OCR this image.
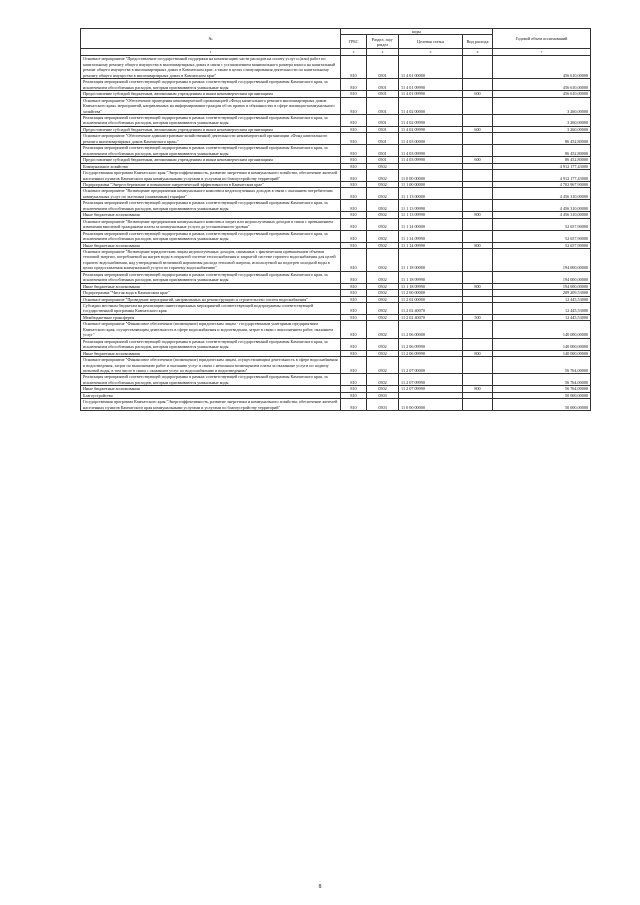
№	коды				Годовой объем ассигнований
	ГРБС	Раздел, под-раздел	Целевая статья	Вид расхода	
1	3	4	5	6	7
Основное мероприятие "Предоставление государственной поддержки на компенсацию части расходов на оплату услуг и (или) работ по капитальному ремонту общего имущества в многоквартирных домах в связи с установлением минимального размера взноса на капитальный ремонт общего имущества в многоквартирных домах в Камчатском крае, а также в целях стимулирования деятельности по капитальному ремонту общего имущества в многоквартирных домах в Камчатском крае"	810	0501	11 4 01 00000		456 610,00000
Реализация мероприятий соответствующей подпрограммы в рамках соответствующей государственной программы Камчатского края, за исключением обособленных расходов, которым присваиваются уникальные коды	810	0501	11 4 01 09990		456 610,00000
Предоставление субсидий бюджетным, автономным учреждениям и иным некоммерческим организациям	810	0501	11 4 01 09990	600	456 610,00000
Основное мероприятие "Обеспечение проведения некоммерческой организацией «Фонд капитального ремонта многоквартирных домов Камчатского края» мероприятий, направленных на информирование граждан об их правах и обязанностях в сфере жилищно-коммунального хозяйства"	810	0501	11 4 02 00000		3 260,00000
Реализация мероприятий соответствующей подпрограммы в рамках соответствующей государственной программы Камчатского края, за исключением обособленных расходов, которым присваиваются уникальные коды	810	0501	11 4 02 09990		3 260,00000
Предоставление субсидий бюджетным, автономным учреждениям и иным некоммерческим организациям	810	0501	11 4 02 09990	600	3 260,00000
Основное мероприятие "Обеспечение административно-хозяйственной деятельности некоммерческой организации «Фонд капитального ремонта многоквартирных домов Камчатского края»"	810	0501	11 4 03 00000		86 452,80000
Реализация мероприятий соответствующей подпрограммы в рамках соответствующей государственной программы Камчатского края, за исключением обособленных расходов, которым присваиваются уникальные коды	810	0501	11 4 03 09990		86 452,80000
Предоставление субсидий бюджетным, автономным учреждениям и иным некоммерческим организациям	810	0501	11 4 03 09990	600	86 452,80000
Коммунальное хозяйство	810	0502			4 912 177,43000
Государственная программа Камчатского края "Энергоэффективность, развитие энергетики и коммунального хозяйства, обеспечение жителей населенных пунктов Камчатского края коммунальными услугами и услугами по благоустройству территорий"	810	0502	11 0 00 00000		4 912 177,43000
Подпрограмма "Энергосбережение и повышение энергетической эффективности в Камчатском крае"	810	0502	11 1 00 00000		4 702 967,90000
Основное мероприятие "Возмещение предприятиям коммунального комплекса недополученных доходов в связи с оказанием потребителям коммунальных услуг по льготным (сниженным) тарифам"	810	0502	11 1 13 00000		4 456 310,00000
Реализация мероприятий соответствующей подпрограммы в рамках соответствующей государственной программы Камчатского края, за исключением обособленных расходов, которым присваиваются уникальные коды	810	0502	11 1 13 09990		4 456 310,00000
Иные бюджетные ассигнования	810	0502	11 1 13 09990	800	4 456 310,00000
Основное мероприятие "Возмещение предприятиям коммунального комплекса затрат или недополученных доходов в связи с превышением изменения вносимой гражданами платы за коммунальные услуги до установленного уровня"	810	0502	11 1 14 00000		52 657,90000
Реализация мероприятий соответствующей подпрограммы в рамках соответствующей государственной программы Камчатского края, за исключением обособленных расходов, которым присваиваются уникальные коды	810	0502	11 1 14 09990		52 657,90000
Иные бюджетные ассигнования	810	0502	11 1 14 09990	800	52 657,90000
Основное мероприятие "Возмещение юридическим лицам недополученных доходов, связанных с фактическим превышением объемов тепловой энергии, потребляемой на нагрев воды в открытой системе теплоснабжения и закрытой системе горячего водоснабжения для целей горячего водоснабжения, над утвержденной величиной нормативы расхода тепловой энергии, используемой на подогрев холодной воды в целях предоставления коммунальной услуги по горячему водоснабжению"	810	0502	11 1 18 00000		194 000,00000
Реализация мероприятий соответствующей подпрограммы в рамках соответствующей государственной программы Камчатского края, за исключением обособленных расходов, которым присваиваются уникальные коды	810	0502	11 1 18 09990		194 000,00000
Иные бюджетные ассигнования	810	0502	11 1 18 09990	800	194 000,00000
Подпрограмма "Чистая вода в Камчатском крае"	810	0502	11 2 00 00000		209 209,53000
Основное мероприятие "Проведение мероприятий, направленных на реконструкцию и строительство систем водоснабжения"	810	0502	11 2 02 00000		12 445,53000
Субсидии местным бюджетам на реализацию инвестиционных мероприятий соответствующей подпрограммы соответствующей государственной программы Камчатского края	810	0502	11 2 02 40070		12 445,53000
Межбюджетные трансферты	810	0502	11 2 02 40070	500	12 445,53000
Основное мероприятие "Финансовое обеспечение (возмещение) юридическим лицам - государственным унитарным предприятиям Камчатского края, осуществляющим деятельность в сфере водоснабжения и водоотведения, затрат в связи с выполнением работ, оказанием услуг"	810	0502	11 2 06 00000		140 000,00000
Реализация мероприятий соответствующей подпрограммы в рамках соответствующей государственной программы Камчатского края, за исключением обособленных расходов, которым присваиваются уникальные коды	810	0502	11 2 06 09990		140 000,00000
Иные бюджетные ассигнования	810	0502	11 2 06 09990	800	140 000,00000
Основное мероприятие "Финансовое обеспечение (возмещение) юридическим лицам, осуществляющим деятельность в сфере водоснабжения и водоотведения, затрат по выполнению работ и оказанию услуг в связи с неполным возмещением платы за оказанные услуги по подвозу питьевой воды, в том числе в связи с оказанием услуг по водоснабжению и водоотведению"	810	0502	11 2 07 00000		56 764,00000
Реализация мероприятий соответствующей подпрограммы в рамках соответствующей государственной программы Камчатского края, за исключением обособленных расходов, которым присваиваются уникальные коды	810	0502	11 2 07 09990		56 764,00000
Иные бюджетные ассигнования	810	0502	11 2 07 09990	800	56 764,00000
Благоустройство	810	0503			50 000,00000
Государственная программа Камчатского края "Энергоэффективность, развитие энергетики и коммунального хозяйства, обеспечение жителей населенных пунктов Камчатского края коммунальными услугами и услугами по благоустройству территорий"	810	0503	11 0 00 00000		50 000,00000
8
